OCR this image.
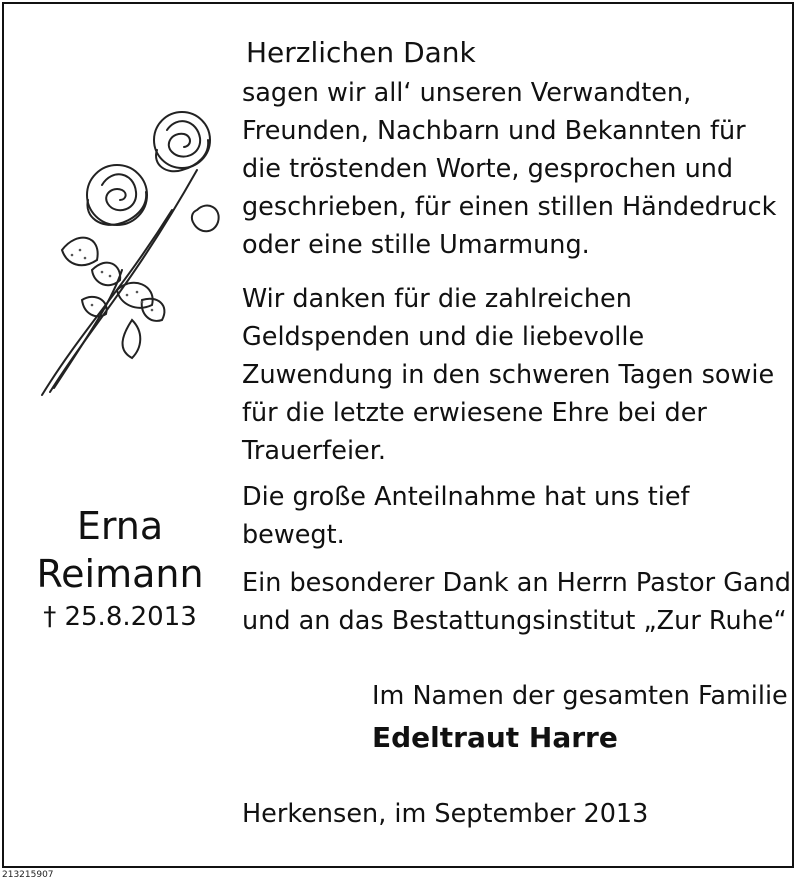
Herzlichen Dank
sagen wir all‘ unseren Verwandten,
Freunden, Nachbarn und Bekannten für
die tröstenden Worte, gesprochen und
geschrieben, für einen stillen Händedruck
oder eine stille Umarmung.
Wir danken für die zahlreichen
Geldspenden und die liebevolle
Zuwendung in den schweren Tagen sowie
für die letzte erwiesene Ehre bei der
Trauerfeier.
Die große Anteilnahme hat uns tief
bewegt.
Ein besonderer Dank an Herrn Pastor Gand
und an das Bestattungsinstitut „Zur Ruhe“
Erna
Reimann
† 25.8.2013
Im Namen der gesamten Familie
Edeltraut Harre
Herkensen, im September 2013
213215907
